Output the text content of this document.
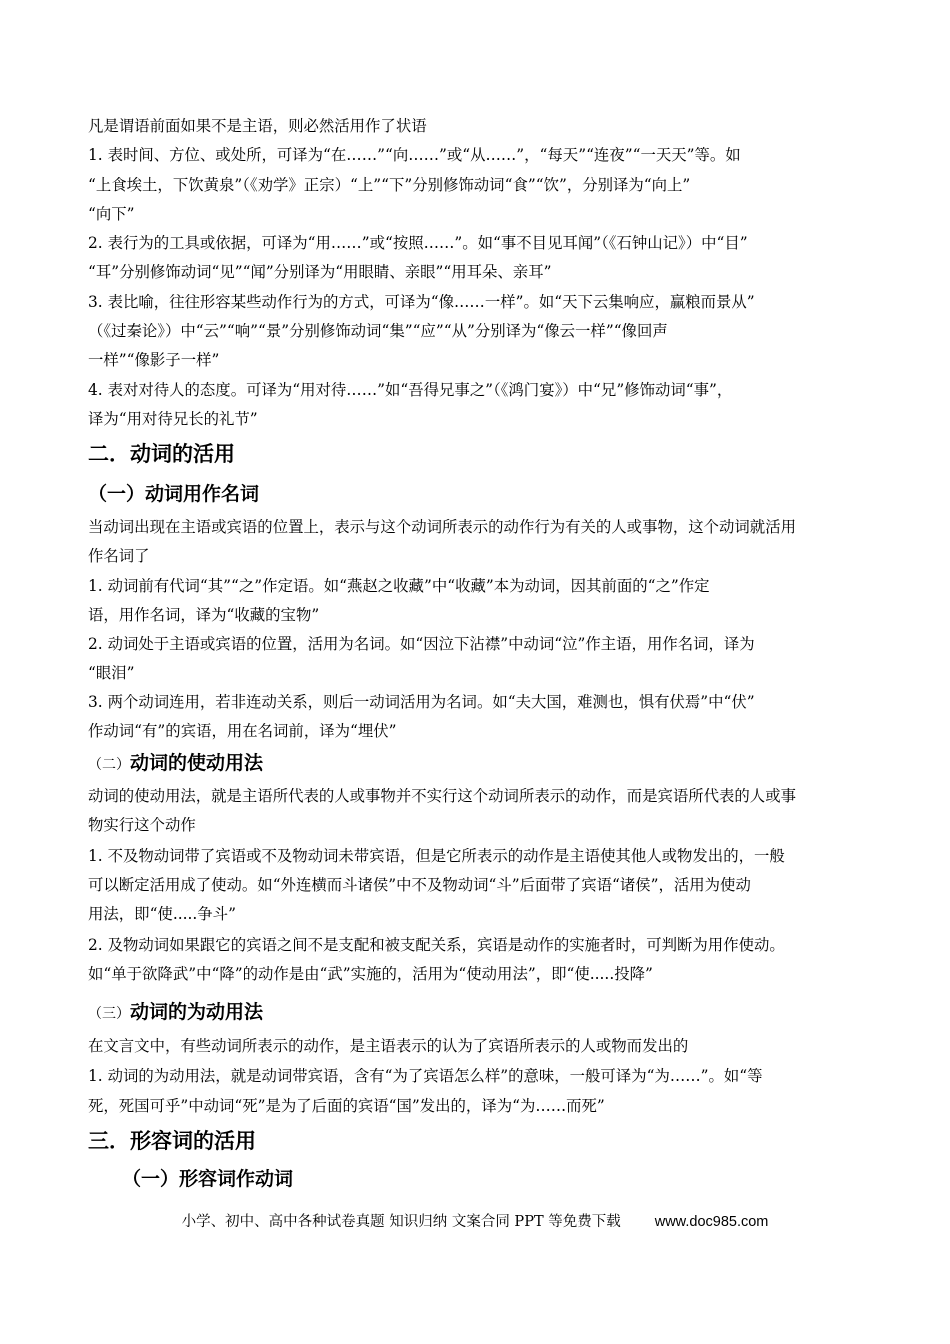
凡是谓语前面如果不是主语，则必然活用作了状语
1. 表时间、方位、或处所，可译为“在……”“向……”或“从……”，“每天”“连夜”“一天天”等。如
“上食埃土，下饮黄泉”（《劝学》正宗）“上”“下”分别修饰动词“食”“饮”，分别译为“向上”
“向下”
2. 表行为的工具或依据，可译为“用……”或“按照……”。如“事不目见耳闻”（《石钟山记》）中“目”
“耳”分别修饰动词“见”“闻”分别译为“用眼睛、亲眼”“用耳朵、亲耳”
3. 表比喻，往往形容某些动作行为的方式，可译为“像……一样”。如“天下云集响应，赢粮而景从”
（《过秦论》）中“云”“响”“景”分别修饰动词“集”“应”“从”分别译为“像云一样”“像回声
一样”“像影子一样”
4. 表对对待人的态度。可译为“用对待……”如“吾得兄事之”（《鸿门宴》）中“兄”修饰动词“事”，
译为“用对待兄长的礼节”
二．动词的活用
（一）动词用作名词
当动词出现在主语或宾语的位置上，表示与这个动词所表示的动作行为有关的人或事物，这个动词就活用
作名词了
1. 动词前有代词“其”“之”作定语。如“燕赵之收藏”中“收藏”本为动词，因其前面的“之”作定
语，用作名词，译为“收藏的宝物”
2. 动词处于主语或宾语的位置，活用为名词。如“因泣下沾襟”中动词“泣”作主语，用作名词，译为
“眼泪”
3. 两个动词连用，若非连动关系，则后一动词活用为名词。如“夫大国，难测也，惧有伏焉”中“伏”
作动词“有”的宾语，用在名词前，译为“埋伏”
（二）动词的使动用法
动词的使动用法，就是主语所代表的人或事物并不实行这个动词所表示的动作，而是宾语所代表的人或事
物实行这个动作
1. 不及物动词带了宾语或不及物动词未带宾语，但是它所表示的动作是主语使其他人或物发出的，一般
可以断定活用成了使动。如“外连横而斗诸侯”中不及物动词“斗”后面带了宾语“诸侯”，活用为使动
用法，即“使.....争斗”
2. 及物动词如果跟它的宾语之间不是支配和被支配关系，宾语是动作的实施者时，可判断为用作使动。
如“单于欲降武”中“降”的动作是由“武”实施的，活用为“使动用法”，即“使.....投降”
（三）动词的为动用法
在文言文中，有些动词所表示的动作，是主语表示的认为了宾语所表示的人或物而发出的
1. 动词的为动用法，就是动词带宾语，含有“为了宾语怎么样”的意味，一般可译为“为……”。如“等
死，死国可乎”中动词“死”是为了后面的宾语“国”发出的，译为“为……而死”
三．形容词的活用
（一）形容词作动词
小学、初中、高中各种试卷真题 知识归纳 文案合同 PPT 等免费下载 www.doc985.com
